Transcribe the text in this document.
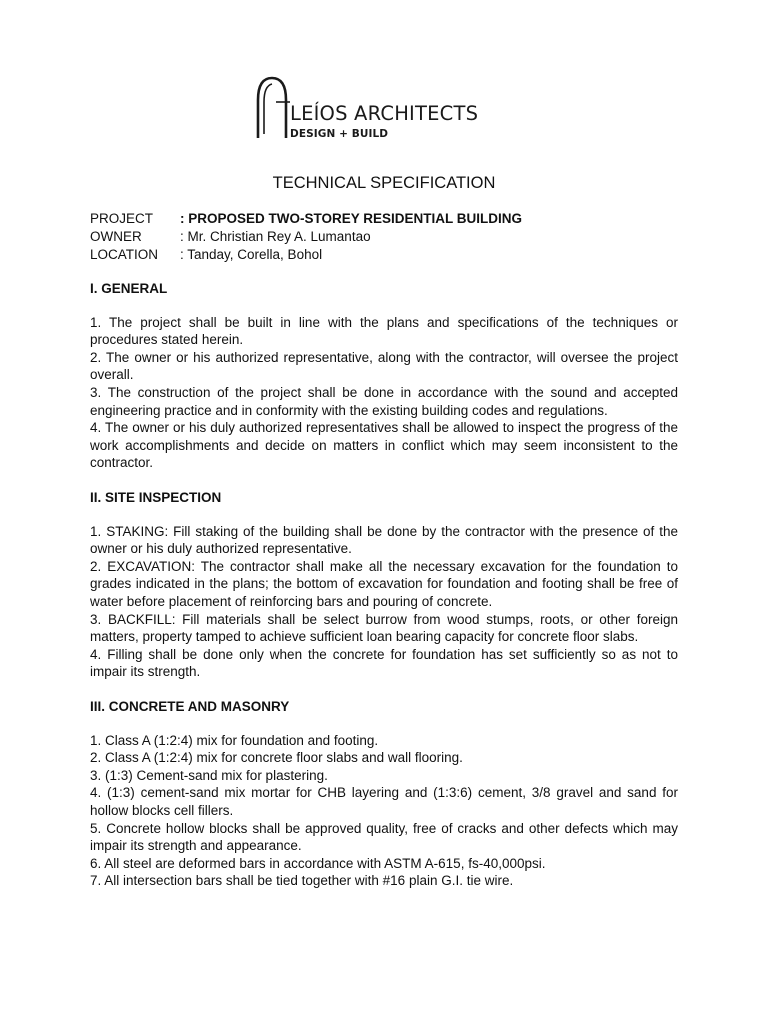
LEÍOS ARCHITECTS
DESIGN + BUILD
TECHNICAL SPECIFICATION
PROJECT	: PROPOSED TWO-STOREY RESIDENTIAL BUILDING
OWNER	: Mr. Christian Rey A. Lumantao
LOCATION	: Tanday, Corella, Bohol

I. GENERAL

1. The project shall be built in line with the plans and specifications of the techniques or procedures stated herein.

2. The owner or his authorized representative, along with the contractor, will oversee the project overall.

3. The construction of the project shall be done in accordance with the sound and accepted engineering practice and in conformity with the existing building codes and regulations.

4. The owner or his duly authorized representatives shall be allowed to inspect the progress of the work accomplishments and decide on matters in conflict which may seem inconsistent to the contractor.

II. SITE INSPECTION

1. STAKING: Fill staking of the building shall be done by the contractor with the presence of the owner or his duly authorized representative.

2. EXCAVATION: The contractor shall make all the necessary excavation for the foundation to grades indicated in the plans; the bottom of excavation for foundation and footing shall be free of water before placement of reinforcing bars and pouring of concrete.

3. BACKFILL: Fill materials shall be select burrow from wood stumps, roots, or other foreign matters, property tamped to achieve sufficient loan bearing capacity for concrete floor slabs.

4. Filling shall be done only when the concrete for foundation has set sufficiently so as not to impair its strength.

III. CONCRETE AND MASONRY

1. Class A (1:2:4) mix for foundation and footing.

2. Class A (1:2:4) mix for concrete floor slabs and wall flooring.

3. (1:3) Cement-sand mix for plastering.

4. (1:3) cement-sand mix mortar for CHB layering and (1:3:6) cement, 3/8 gravel and sand for hollow blocks cell fillers.

5. Concrete hollow blocks shall be approved quality, free of cracks and other defects which may impair its strength and appearance.

6. All steel are deformed bars in accordance with ASTM A-615, fs-40,000psi.

7. All intersection bars shall be tied together with #16 plain G.I. tie wire.
